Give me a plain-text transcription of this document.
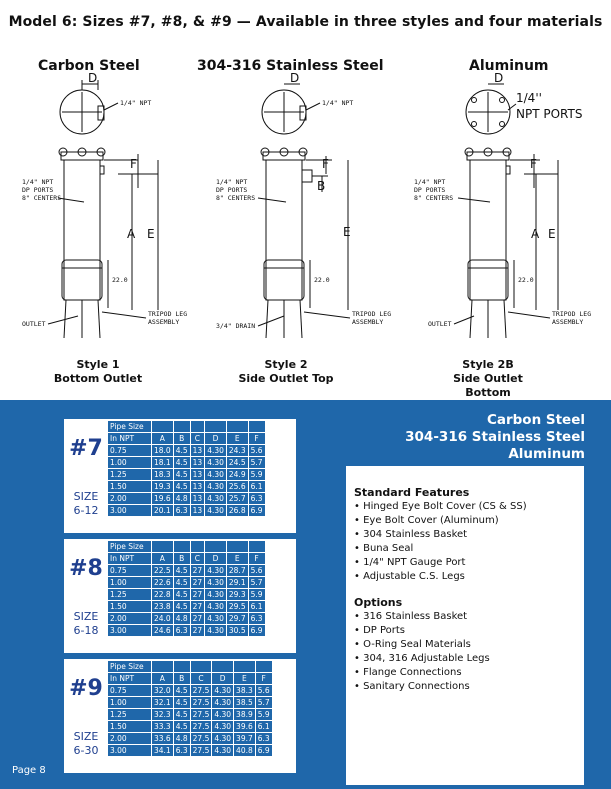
Model 6: Sizes #7, #8, & #9 — Available in three styles and four materials
Carbon Steel	304-316 Stainless Steel	Aluminum
D
1/4" NPT
F
A E
1/4" NPT
DP PORTS
8" CENTERS
22.0
OUTLET
TRIPOD LEG
ASSEMBLY
D
1/4" NPT
F
B
E
1/4" NPT
DP PORTS
8" CENTERS
22.0
3/4" DRAIN
TRIPOD LEG
ASSEMBLY
D
1/4''
NPT PORTS
F
A E
1/4" NPT
DP PORTS
8" CENTERS
22.0
OUTLET
TRIPOD LEG
ASSEMBLY
Style 1
Bottom Outlet
Style 2
Side Outlet Top
Style 2B
Side Outlet
Bottom
Carbon Steel
304-316 Stainless Steel
Aluminum
#7
SIZE
6-12
Pipe Size						
In NPT	A	B	C	D	E	F
0.75	18.0	4.5	13	4.30	24.3	5.6
1.00	18.1	4.5	13	4.30	24.5	5.7
1.25	18.3	4.5	13	4.30	24.9	5.9
1.50	19.3	4.5	13	4.30	25.6	6.1
2.00	19.6	4.8	13	4.30	25.7	6.3
3.00	20.1	6.3	13	4.30	26.8	6.9
#8
SIZE
6-18
Pipe Size						
In NPT	A	B	C	D	E	F
0.75	22.5	4.5	27	4.30	28.7	5.6
1.00	22.6	4.5	27	4.30	29.1	5.7
1.25	22.8	4.5	27	4.30	29.3	5.9
1.50	23.8	4.5	27	4.30	29.5	6.1
2.00	24.0	4.8	27	4.30	29.7	6.3
3.00	24.6	6.3	27	4.30	30.5	6.9
#9
SIZE
6-30
Pipe Size						
In NPT	A	B	C	D	E	F
0.75	32.0	4.5	27.5	4.30	38.3	5.6
1.00	32.1	4.5	27.5	4.30	38.5	5.7
1.25	32.3	4.5	27.5	4.30	38.9	5.9
1.50	33.3	4.5	27.5	4.30	39.6	6.1
2.00	33.6	4.8	27.5	4.30	39.7	6.3
3.00	34.1	6.3	27.5	4.30	40.8	6.9
Standard Features
• Hinged Eye Bolt Cover (CS & SS)
• Eye Bolt Cover (Aluminum)
• 304 Stainless Basket
• Buna Seal
• 1/4" NPT Gauge Port
• Adjustable C.S. Legs
Options
• 316 Stainless Basket
• DP Ports
• O-Ring Seal Materials
• 304, 316 Adjustable Legs
• Flange Connections
• Sanitary Connections
Page 8
